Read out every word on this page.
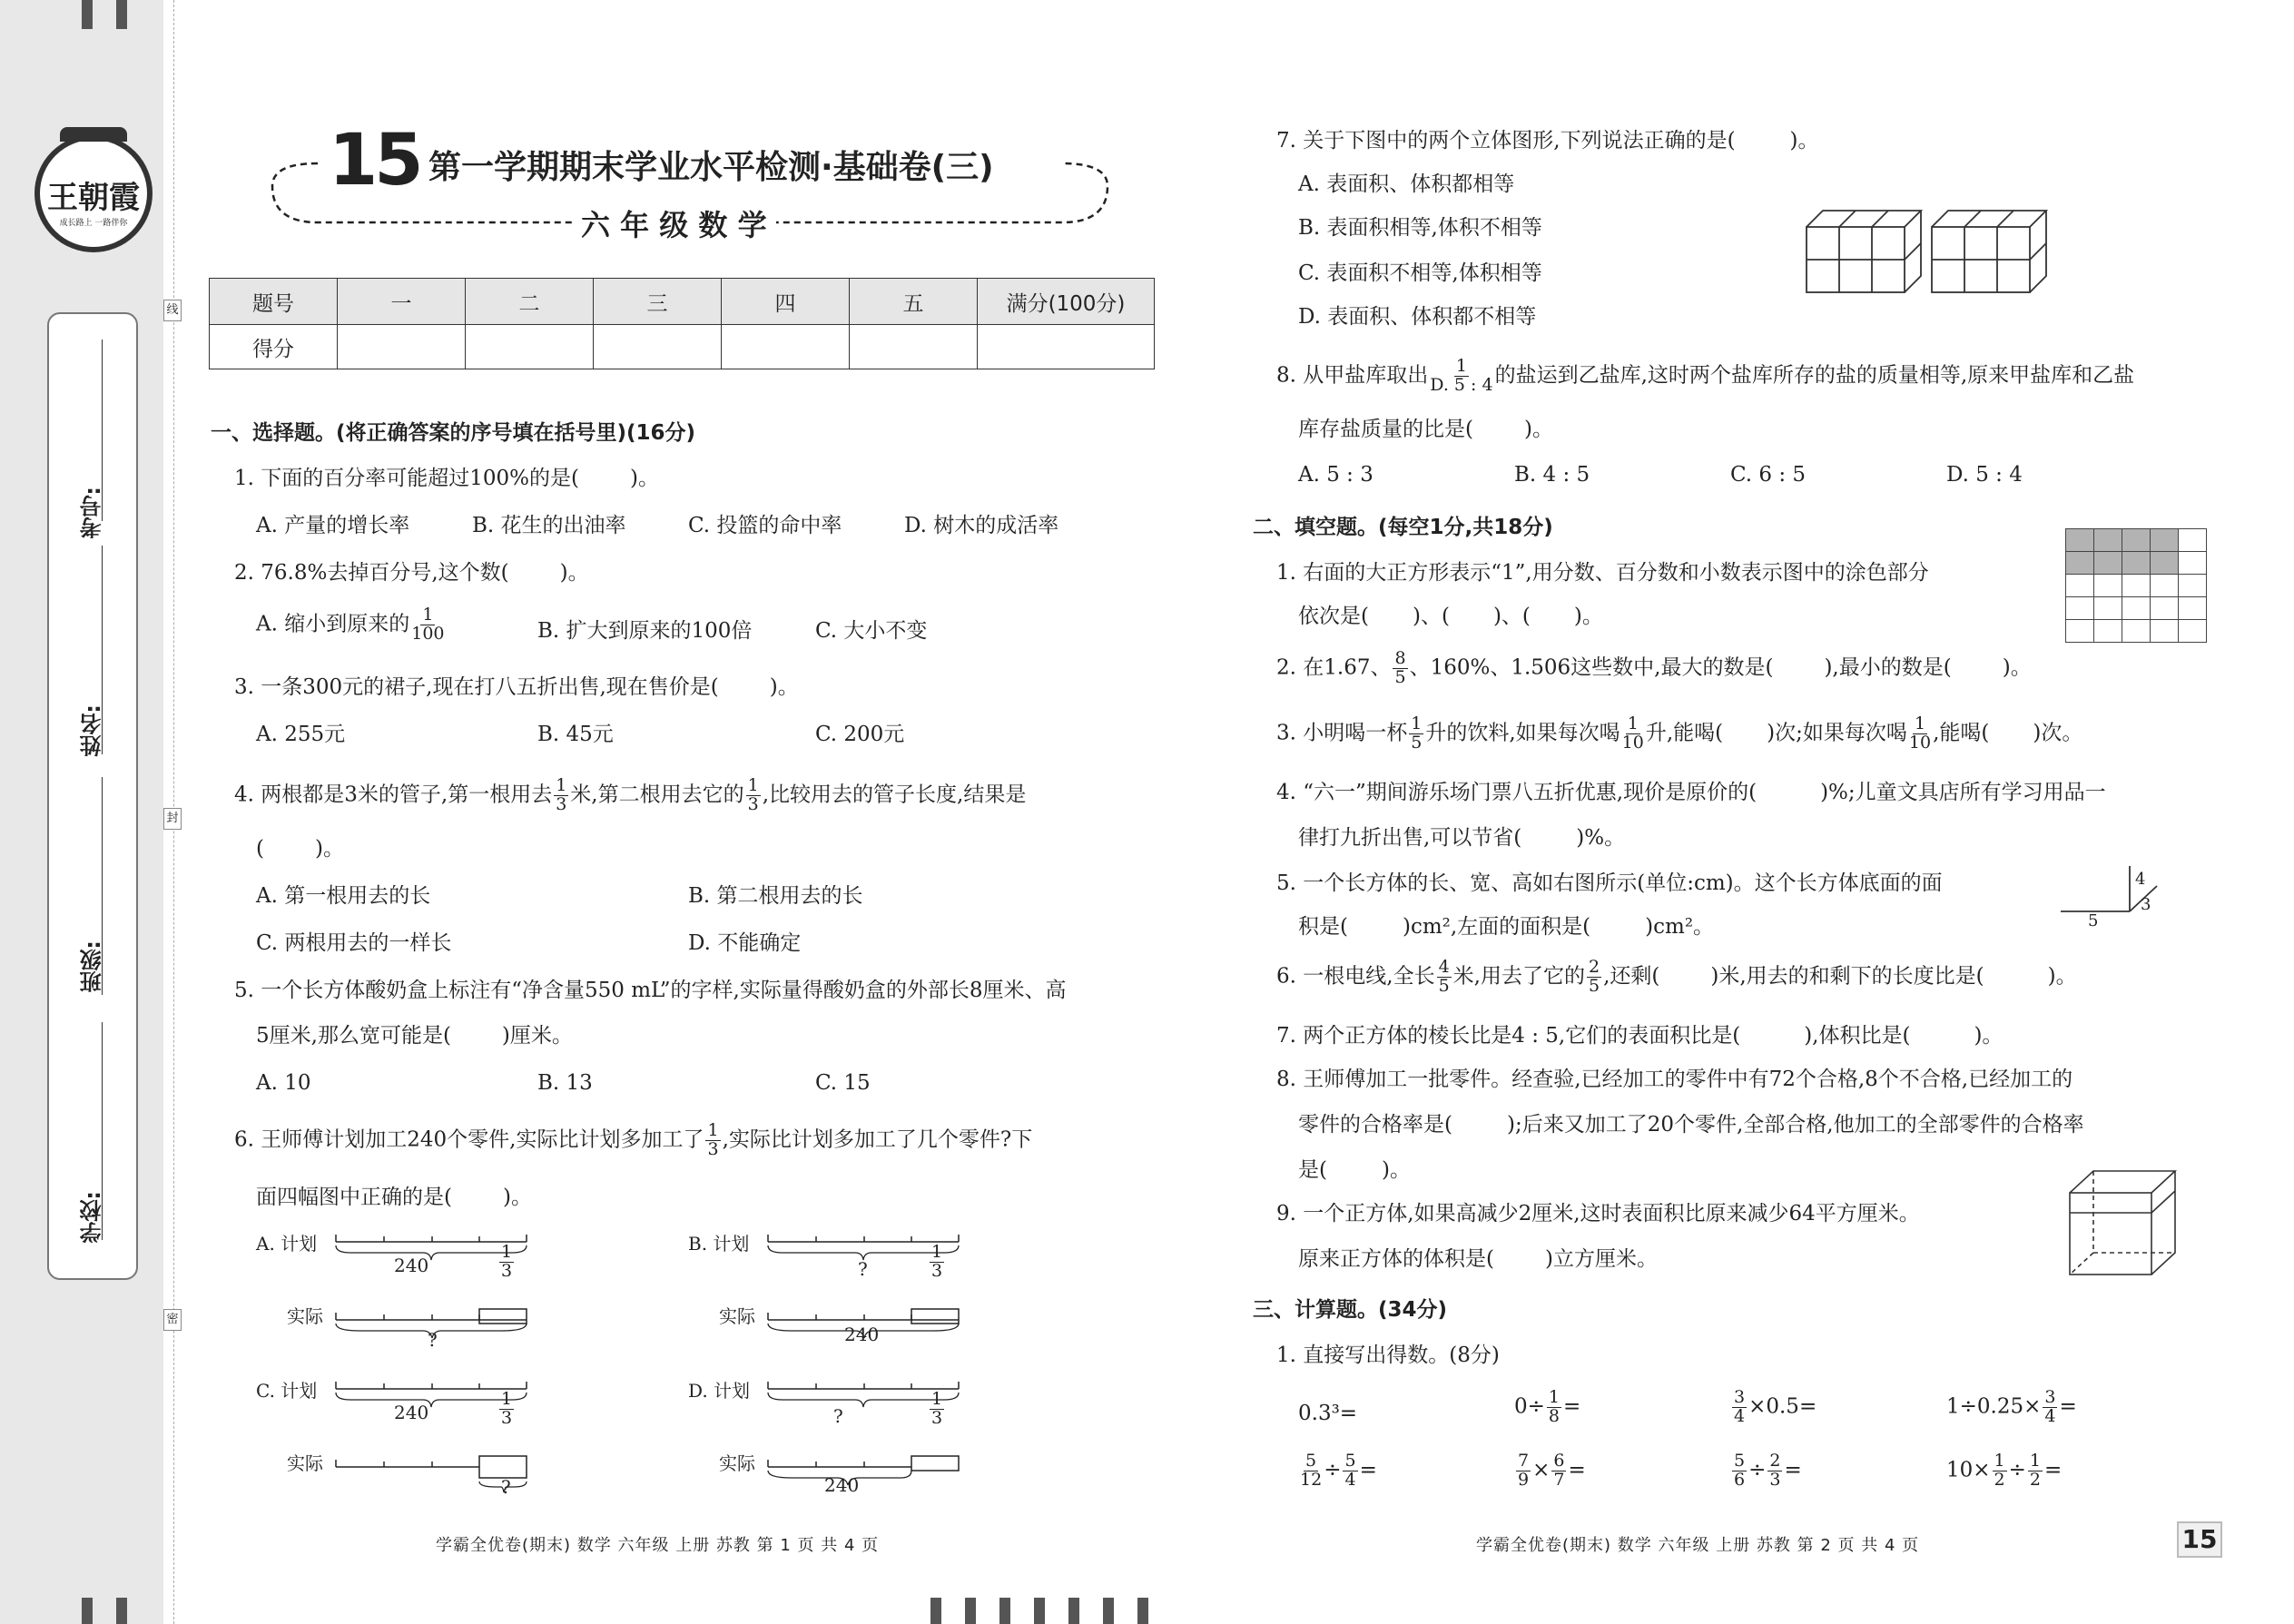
王朝霞
成长路上 一路伴你
考号:
姓名:
班级:
学校:
线
封
密
15 第一学期期末学业水平检测·基础卷(三)
六 年 级 数 学
题号	一	二	三	四	五	满分(100分)
得分						
一、选择题。(将正确答案的序号填在括号里)(16分)
1. 下面的百分率可能超过100%的是( )。
A. 产量的增长率	B. 花生的出油率	C. 投篮的命中率	D. 树木的成活率
2. 76.8%去掉百分号,这个数( )。
A. 缩小到原来的 $\frac{1}{100}$	B. 扩大到原来的100倍	C. 大小不变
3. 一条300元的裙子,现在打八五折出售,现在售价是( )。
A. 255元	B. 45元	C. 200元
4. 两根都是3米的管子,第一根用去 $\frac{1}{3}$ 米,第二根用去它的 $\frac{1}{3}$ ,比较用去的管子长度,结果是
( )。
A. 第一根用去的长	B. 第二根用去的长
C. 两根用去的一样长	D. 不能确定
5. 一个长方体酸奶盒上标注有“净含量550 mL”的字样,实际量得酸奶盒的外部长8厘米、高
5厘米,那么宽可能是( )厘米。
A. 10	B. 13	C. 15
6. 王师傅计划加工240个零件,实际比计划多加工了 $\frac{1}{3}$ ,实际比计划多加工了几个零件?下
面四幅图中正确的是( )。
A. 计划
实际
240
?
$\frac{1}{3}$	B. 计划
实际
?
240
$\frac{1}{3}$
C. 计划
实际
240
?
$\frac{1}{3}$	D. 计划
实际
?
240
$\frac{1}{3}$
7. 关于下图中的两个立体图形,下列说法正确的是(	)。
A. 表面积、体积都相等
B. 表面积相等,体积不相等
C. 表面积不相等,体积相等
D. 表面积、体积都不相等
8. 从甲盐库取出 $\frac{1}{D. 5 : 4}$ 的盐运到乙盐库,这时两个盐库所存的盐的质量相等,原来甲盐库和乙盐
库存盐质量的比是( )。
A. 5 : 3	B. 4 : 5	C. 6 : 5	D. 5 : 4
二、填空题。(每空1分,共18分)
1. 右面的大正方形表示“1”,用分数、百分数和小数表示图中的涂色部分
依次是( )、( )、( )。

2. 在1.67、 $\frac{8}{5}$ 、160%、1.506这些数中,最大的数是( ),最小的数是( )。
3. 小明喝一杯 $\frac{1}{5}$ 升的饮料,如果每次喝 $\frac{1}{10}$ 升,能喝( )次;如果每次喝 $\frac{1}{10}$ ,能喝( )次。
4. “六一”期间游乐场门票八五折优惠,现价是原价的(	)%;儿童文具店所有学习用品一
律打九折出售,可以节省(	)%。
5. 一个长方体的长、宽、高如右图所示(单位:cm)。这个长方体底面的面
积是(	)cm²,左面的面积是(	)cm²。
4
3
5
6. 一根电线,全长 $\frac{4}{5}$ 米,用去了它的 $\frac{2}{5}$ ,还剩( )米,用去的和剩下的长度比是(	)。
7. 两个正方体的棱长比是4 : 5,它们的表面积比是(	),体积比是(	)。
8. 王师傅加工一批零件。经查验,已经加工的零件中有72个合格,8个不合格,已经加工的
零件的合格率是(	);后来又加工了20个零件,全部合格,他加工的全部零件的合格率
是(	)。
9. 一个正方体,如果高减少2厘米,这时表面积比原来减少64平方厘米。
原来正方体的体积是( )立方厘米。
三、计算题。(34分)
1. 直接写出得数。(8分)
0.3³=	$0\div \frac{1}{8}$ =	$\frac{3}{4} \times 0.5=$	$1\div 0.25\times \frac{3}{4}$ =
$\frac{5}{12} \div \frac{5}{4}$ =	$\frac{7}{9} \times \frac{6}{7}$ =	$\frac{5}{6} \div \frac{2}{3}$ =	$10\times \frac{1}{2} \div \frac{1}{2}$ =
学霸全优卷(期末) 数学 六年级 上册 苏教 第 1 页 共 4 页	学霸全优卷(期末) 数学 六年级 上册 苏教 第 2 页 共 4 页	15
